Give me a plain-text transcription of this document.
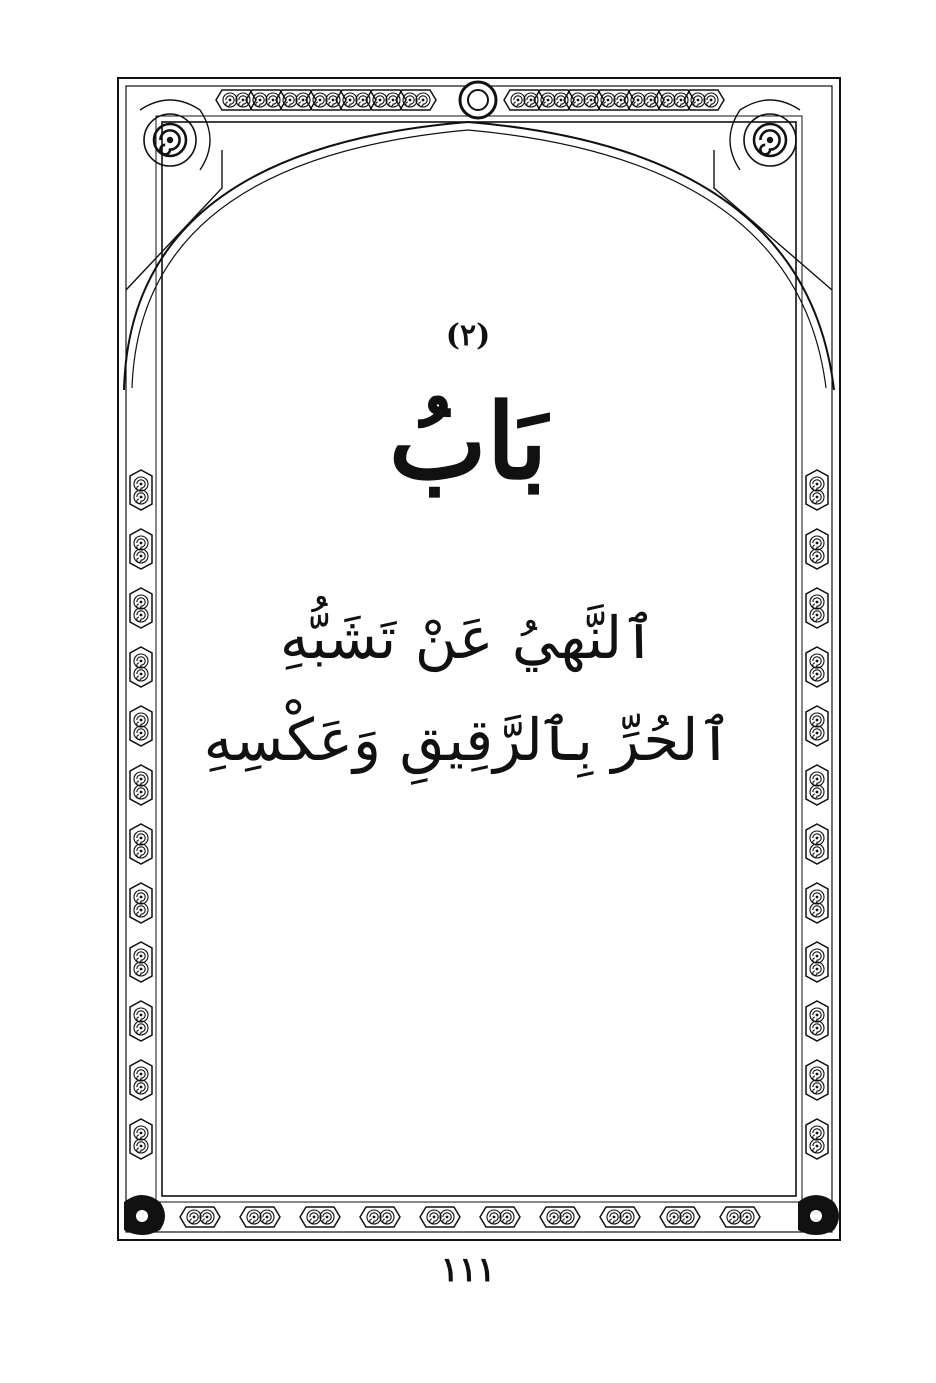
(٢)
بَابُ
ٱلنَّهيُ عَنْ تَشَبُّهِ
ٱلحُرِّ بِٱلرَّقِيقِ وَعَكْسِهِ
١١١
